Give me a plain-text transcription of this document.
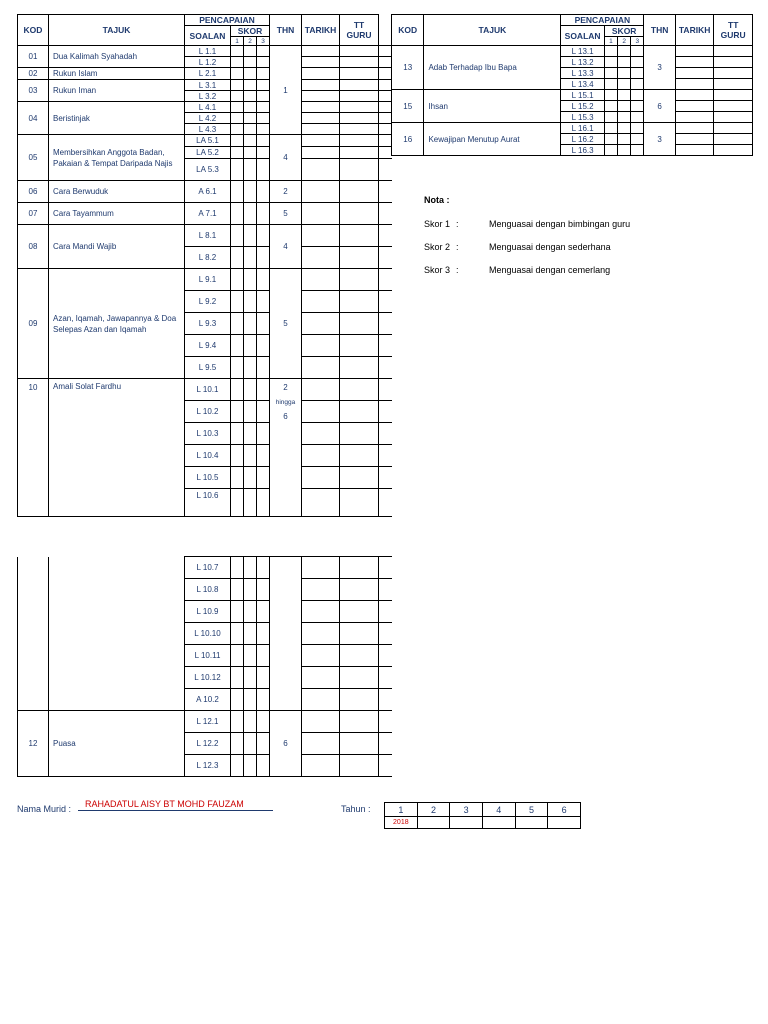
KOD	TAJUK	PENCAPAIAN				THN	TARIKH	TT
GURU	
		SOALAN	SKOR						
			1	2	3				
01	Dua Kalimah Syahadah	L 1.1				1			
		L 1.2							
02	Rukun Islam	L 2.1							
03	Rukun Iman	L 3.1							
		L 3.2							
04	Beristinjak	L 4.1							
		L 4.2							
		L 4.3							
05	Membersihkan Anggota Badan, Pakaian & Tempat Daripada Najis	LA 5.1				4			
		LA 5.2							
		LA 5.3							
06	Cara Berwuduk	A 6.1				2			
07	Cara Tayammum	A 7.1				5			
08	Cara Mandi Wajib	L 8.1				4			
		L 8.2							
09	Azan, Iqamah, Jawapannya & Doa Selepas Azan dan Iqamah	L 9.1				5			
		L 9.2							
		L 9.3							
		L 9.4							
		L 9.5							
10	Amali Solat Fardhu	L 10.1				2
hingga
6			
		L 10.2							
		L 10.3							
		L 10.4							
		L 10.5							
		L 10.6							
KOD	TAJUK	PENCAPAIAN				THN	TARIKH	TT
GURU
		SOALAN	SKOR					
			1	2	3			
13	Adab Terhadap Ibu Bapa	L 13.1				3		
		L 13.2						
		L 13.3						
		L 13.4						
15	Ihsan	L 15.1				6		
		L 15.2						
		L 15.3						
16	Kewajipan Menutup Aurat	L 16.1				3		
		L 16.2						
		L 16.3						
Nota :
Skor 1 :	Menguasai dengan bimbingan guru
Skor 2 :	Menguasai dengan sederhana
Skor 3 :	Menguasai dengan cemerlang
		L 10.7							
		L 10.8							
		L 10.9							
		L 10.10							
		L 10.11							
		L 10.12							
		A 10.2							
12	Puasa	L 12.1				6			
		L 12.2							
		L 12.3							
Nama Murid :	RAHADATUL AISY BT MOHD FAUZAM	Tahun :	1	2	3	4	5	6
2018					
